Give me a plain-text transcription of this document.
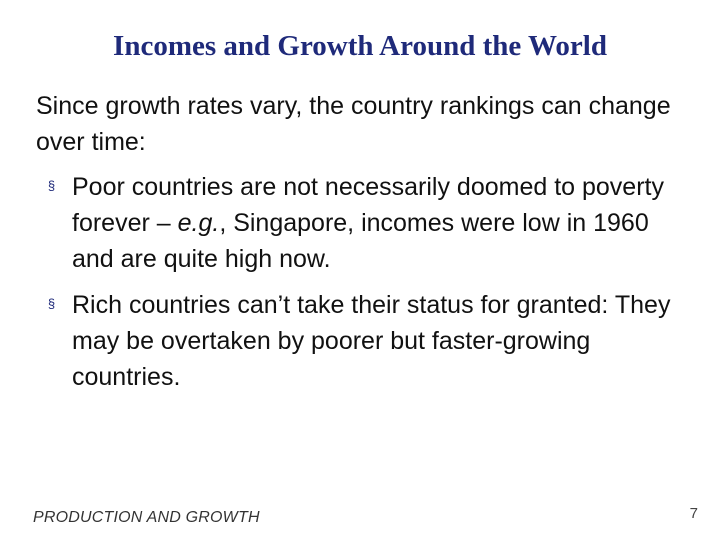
Incomes and Growth Around the World

Since growth rates vary, the country rankings can change over time:

§ Poor countries are not necessarily doomed to poverty forever – e.g., Singapore, incomes were low in 1960 and are quite high now.
§ Rich countries can’t take their status for granted: They may be overtaken by poorer but faster-growing countries.
PRODUCTION AND GROWTH	7
